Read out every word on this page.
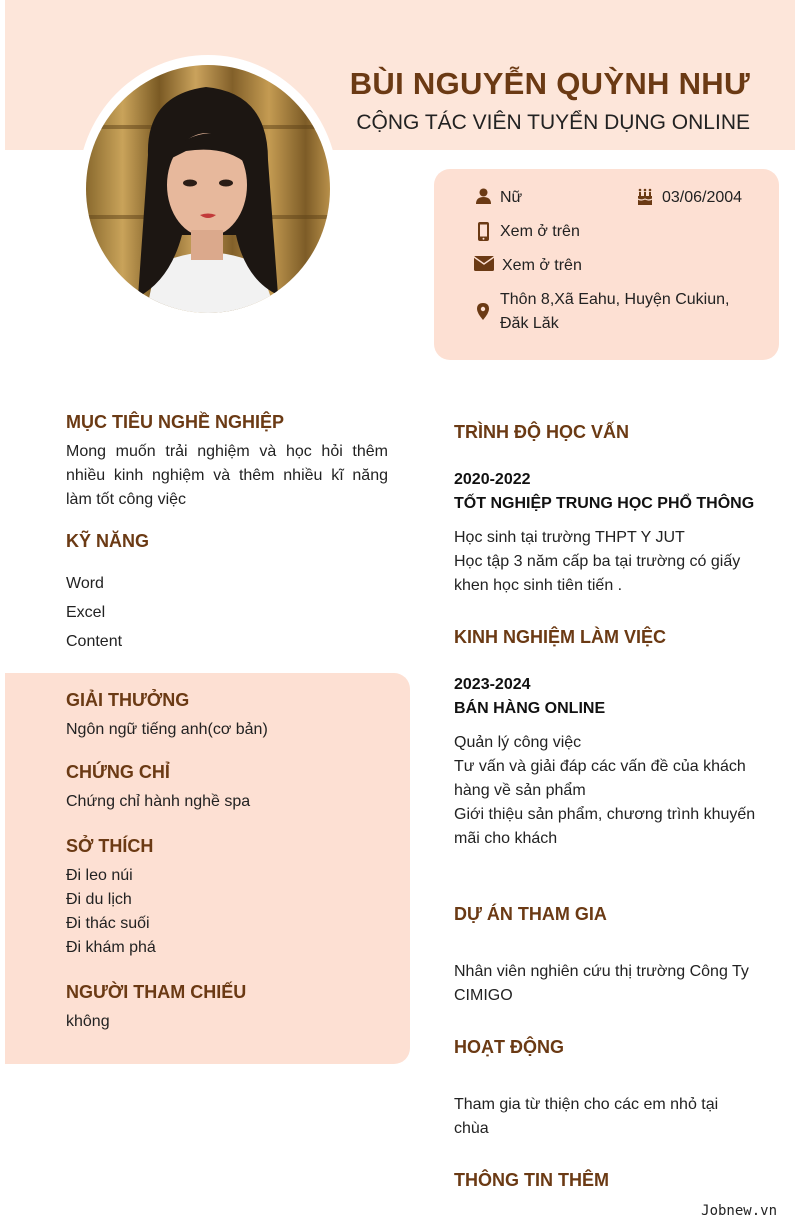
BÙI NGUYỄN QUỲNH NHƯ
CỘNG TÁC VIÊN TUYỂN DỤNG ONLINE
Nữ	03/06/2004
Xem ở trên
Xem ở trên
Thôn 8,Xã Eahu, Huyện Cukiun,
Đăk Lăk
MỤC TIÊU NGHỀ NGHIỆP
Mong muốn trải nghiệm và học hỏi thêm
nhiều kinh nghiệm và thêm nhiều kĩ năng
làm tốt công việc
KỸ NĂNG
Word
Excel
Content
GIẢI THƯỞNG
Ngôn ngữ tiếng anh(cơ bản)
CHỨNG CHỈ
Chứng chỉ hành nghề spa
SỞ THÍCH
Đi leo núi
Đi du lịch
Đi thác suối
Đi khám phá
NGƯỜI THAM CHIẾU
không
TRÌNH ĐỘ HỌC VẤN
2020-2022
TỐT NGHIỆP TRUNG HỌC PHỔ THÔNG
Học sinh tại trường THPT Y JUT
Học tập 3 năm cấp ba tại trường có giấy
khen học sinh tiên tiến .
KINH NGHIỆM LÀM VIỆC
2023-2024
BÁN HÀNG ONLINE
Quản lý công việc
Tư vấn và giải đáp các vấn đề của khách
hàng về sản phẩm
Giới thiệu sản phẩm, chương trình khuyến
mãi cho khách
DỰ ÁN THAM GIA
Nhân viên nghiên cứu thị trường Công Ty
CIMIGO
HOẠT ĐỘNG
Tham gia từ thiện cho các em nhỏ tại
chùa
THÔNG TIN THÊM
Jobnew.vn
